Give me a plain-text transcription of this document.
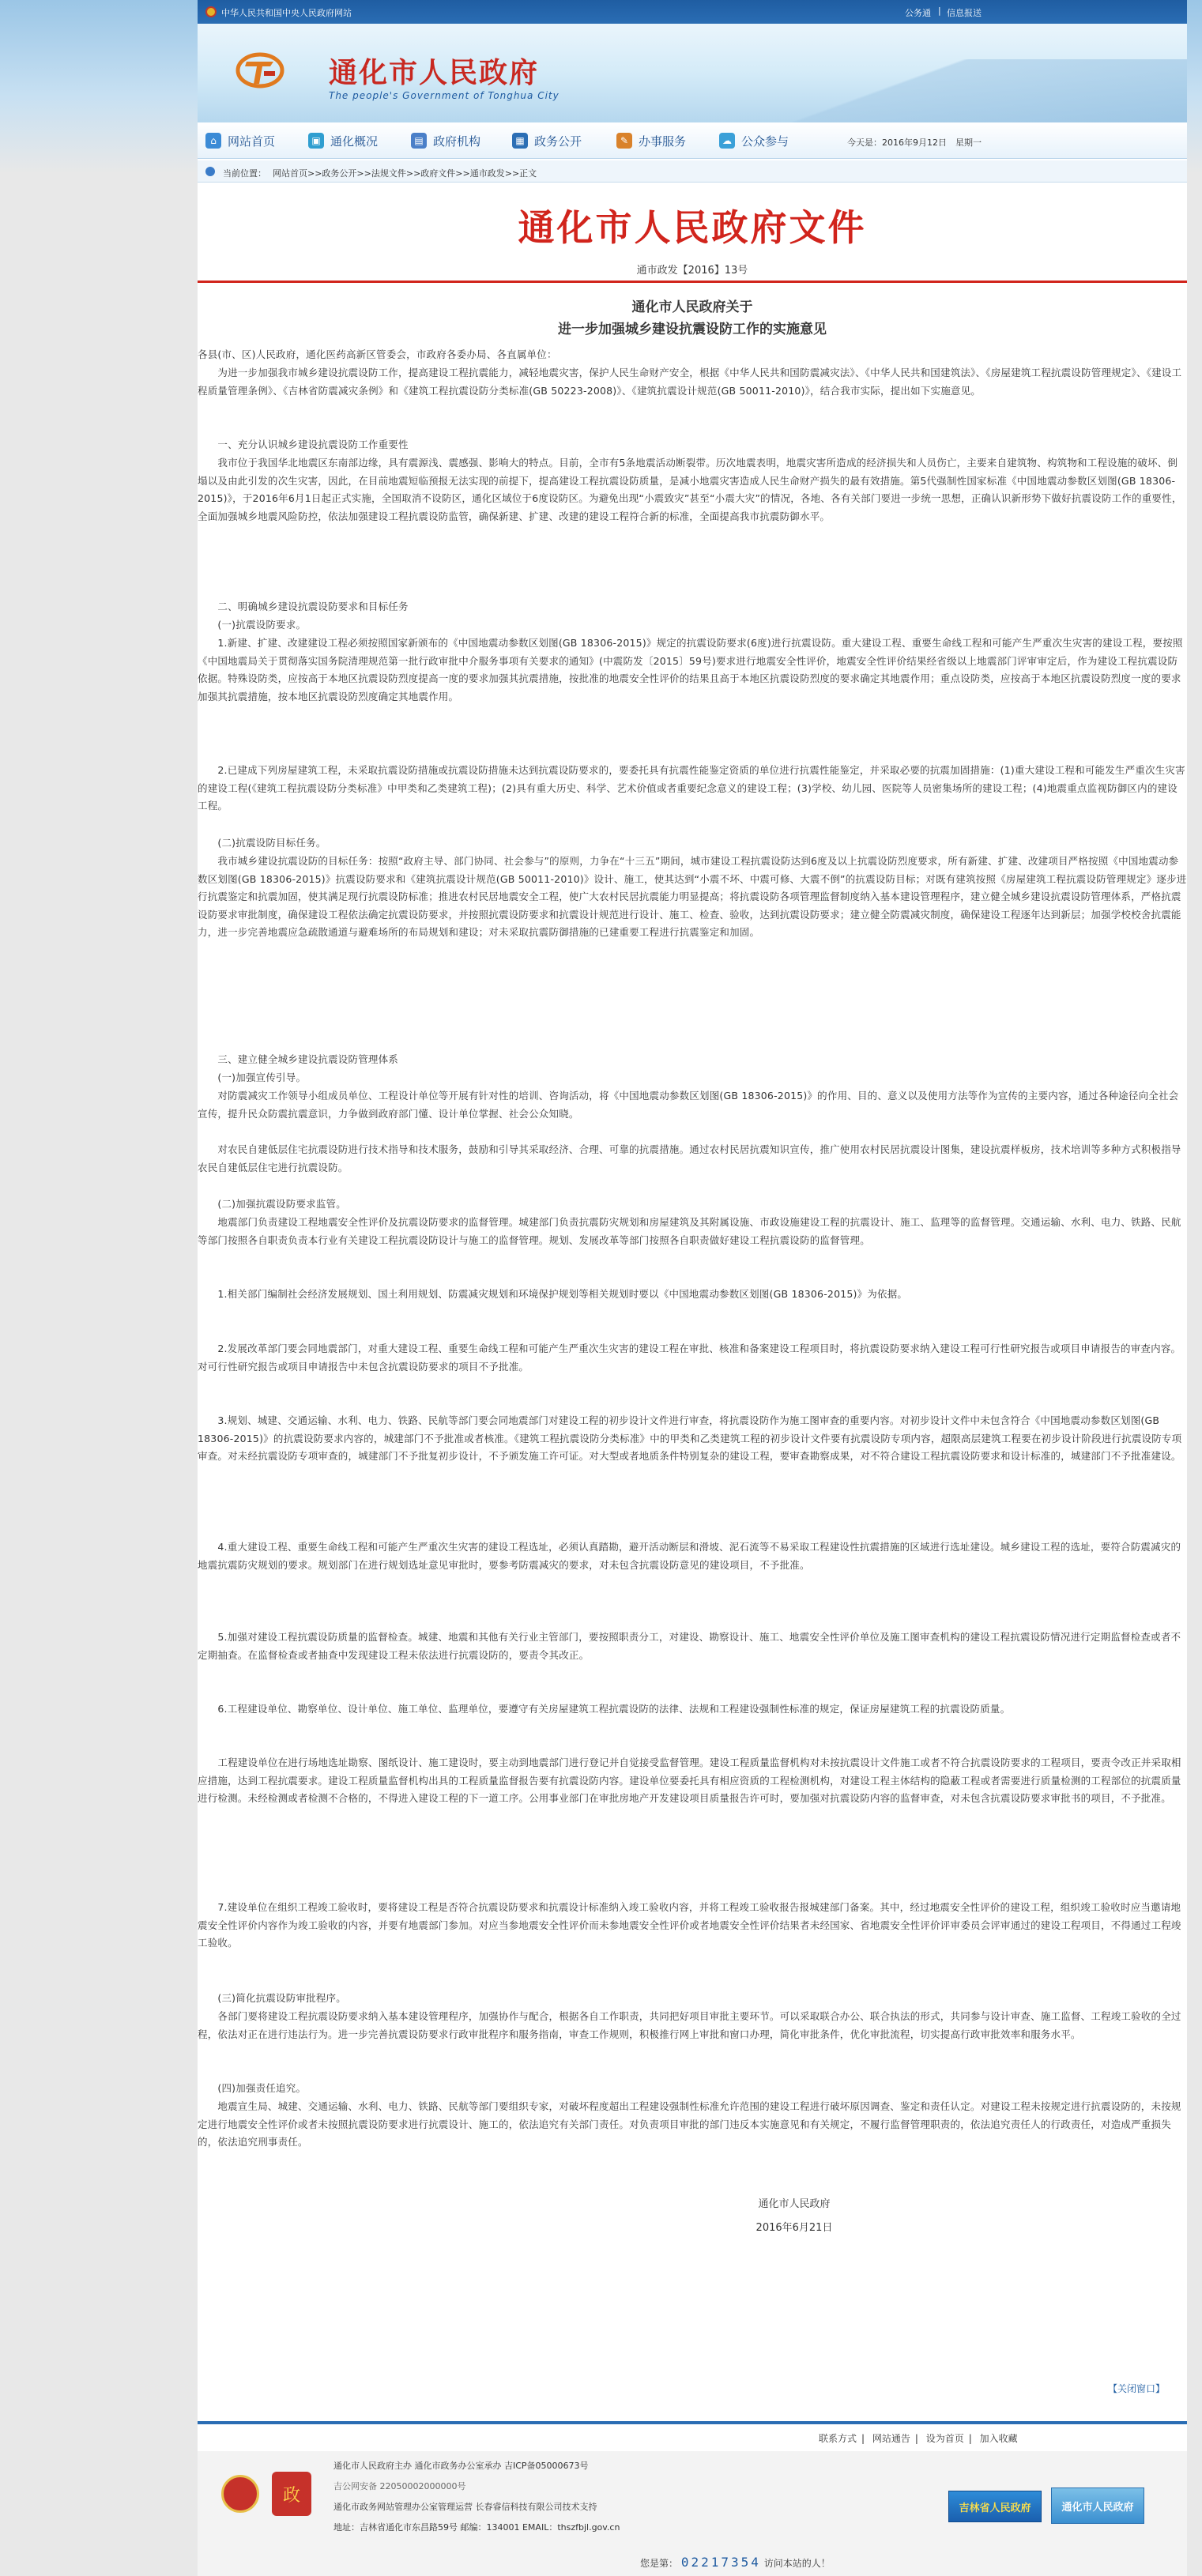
中华人民共和国中央人民政府网站	公务通 | 信息报送
通化市人民政府
The people's Government of Tonghua City
⌂ 网站首页	▣ 通化概况	▤ 政府机构	▦ 政务公开	✎ 办事服务	☁ 公众参与	今天是：2016年9月12日　星期一
当前位置： 网站首页>>政务公开>>法规文件>>政府文件>>通市政发>>正文
通化市人民政府文件
通市政发【2016】13号
通化市人民政府关于
进一步加强城乡建设抗震设防工作的实施意见
各县(市、区)人民政府，通化医药高新区管委会，市政府各委办局、各直属单位：
　　为进一步加强我市城乡建设抗震设防工作，提高建设工程抗震能力，减轻地震灾害，保护人民生命财产安全，根据《中华人民共和国防震减灾法》、《中华人民共和国建筑法》、《房屋建筑工程抗震设防管理规定》、《建设工程质量管理条例》、《吉林省防震减灾条例》和《建筑工程抗震设防分类标准(GB 50223-2008)》、《建筑抗震设计规范(GB 50011-2010)》，结合我市实际，提出如下实施意见。
　　一、充分认识城乡建设抗震设防工作重要性
　　我市位于我国华北地震区东南部边缘，具有震源浅、震感强、影响大的特点。目前，全市有5条地震活动断裂带。历次地震表明，地震灾害所造成的经济损失和人员伤亡，主要来自建筑物、构筑物和工程设施的破坏、倒塌以及由此引发的次生灾害，因此，在目前地震短临预报无法实现的前提下，提高建设工程抗震设防质量，是减小地震灾害造成人民生命财产损失的最有效措施。第5代强制性国家标准《中国地震动参数区划图(GB 18306-2015)》，于2016年6月1日起正式实施，全国取消不设防区，通化区域位于6度设防区。为避免出现“小震致灾”甚至“小震大灾”的情况，各地、各有关部门要进一步统一思想，正确认识新形势下做好抗震设防工作的重要性，全面加强城乡地震风险防控，依法加强建设工程抗震设防监管，确保新建、扩建、改建的建设工程符合新的标准，全面提高我市抗震防御水平。
　　二、明确城乡建设抗震设防要求和目标任务
　　(一)抗震设防要求。
　　1.新建、扩建、改建建设工程必须按照国家新颁布的《中国地震动参数区划图(GB 18306-2015)》规定的抗震设防要求(6度)进行抗震设防。重大建设工程、重要生命线工程和可能产生严重次生灾害的建设工程，要按照《中国地震局关于贯彻落实国务院清理规范第一批行政审批中介服务事项有关要求的通知》(中震防发〔2015〕59号)要求进行地震安全性评价，地震安全性评价结果经省级以上地震部门评审审定后，作为建设工程抗震设防依据。特殊设防类，应按高于本地区抗震设防烈度提高一度的要求加强其抗震措施，按批准的地震安全性评价的结果且高于本地区抗震设防烈度的要求确定其地震作用；重点设防类，应按高于本地区抗震设防烈度一度的要求加强其抗震措施，按本地区抗震设防烈度确定其地震作用。
　　2.已建成下列房屋建筑工程，未采取抗震设防措施或抗震设防措施未达到抗震设防要求的，要委托具有抗震性能鉴定资质的单位进行抗震性能鉴定，并采取必要的抗震加固措施：(1)重大建设工程和可能发生严重次生灾害的建设工程(《建筑工程抗震设防分类标准》中甲类和乙类建筑工程)；(2)具有重大历史、科学、艺术价值或者重要纪念意义的建设工程；(3)学校、幼儿园、医院等人员密集场所的建设工程；(4)地震重点监视防御区内的建设工程。
　　(二)抗震设防目标任务。
　　我市城乡建设抗震设防的目标任务：按照“政府主导、部门协同、社会参与”的原则，力争在“十三五”期间，城市建设工程抗震设防达到6度及以上抗震设防烈度要求，所有新建、扩建、改建项目严格按照《中国地震动参数区划图(GB 18306-2015)》抗震设防要求和《建筑抗震设计规范(GB 50011-2010)》设计、施工，使其达到“小震不坏、中震可修、大震不倒”的抗震设防目标；对既有建筑按照《房屋建筑工程抗震设防管理规定》逐步进行抗震鉴定和抗震加固，使其满足现行抗震设防标准；推进农村民居地震安全工程，使广大农村民居抗震能力明显提高；将抗震设防各项管理监督制度纳入基本建设管理程序，建立健全城乡建设抗震设防管理体系，严格抗震设防要求审批制度，确保建设工程依法确定抗震设防要求，并按照抗震设防要求和抗震设计规范进行设计、施工、检查、验收，达到抗震设防要求；建立健全防震减灾制度，确保建设工程逐年达到新层；加强学校校舍抗震能力，进一步完善地震应急疏散通道与避难场所的布局规划和建设；对未采取抗震防御措施的已建重要工程进行抗震鉴定和加固。
　　三、建立健全城乡建设抗震设防管理体系
　　(一)加强宣传引导。
　　对防震减灾工作领导小组成员单位、工程设计单位等开展有针对性的培训、咨询活动，将《中国地震动参数区划图(GB 18306-2015)》的作用、目的、意义以及使用方法等作为宣传的主要内容，通过各种途径向全社会宣传，提升民众防震抗震意识，力争做到政府部门懂、设计单位掌握、社会公众知晓。
　　对农民自建低层住宅抗震设防进行技术指导和技术服务，鼓励和引导其采取经济、合理、可靠的抗震措施。通过农村民居抗震知识宣传，推广使用农村民居抗震设计图集，建设抗震样板房，技术培训等多种方式积极指导农民自建低层住宅进行抗震设防。
　　(二)加强抗震设防要求监管。
　　地震部门负责建设工程地震安全性评价及抗震设防要求的监督管理。城建部门负责抗震防灾规划和房屋建筑及其附属设施、市政设施建设工程的抗震设计、施工、监理等的监督管理。交通运输、水利、电力、铁路、民航等部门按照各自职责负责本行业有关建设工程抗震设防设计与施工的监督管理。规划、发展改革等部门按照各自职责做好建设工程抗震设防的监督管理。
　　1.相关部门编制社会经济发展规划、国土利用规划、防震减灾规划和环境保护规划等相关规划时要以《中国地震动参数区划图(GB 18306-2015)》为依据。
　　2.发展改革部门要会同地震部门，对重大建设工程、重要生命线工程和可能产生严重次生灾害的建设工程在审批、核准和备案建设工程项目时，将抗震设防要求纳入建设工程可行性研究报告或项目申请报告的审查内容。对可行性研究报告或项目申请报告中未包含抗震设防要求的项目不予批准。
　　3.规划、城建、交通运输、水利、电力、铁路、民航等部门要会同地震部门对建设工程的初步设计文件进行审查，将抗震设防作为施工图审查的重要内容。对初步设计文件中未包含符合《中国地震动参数区划图(GB 18306-2015)》的抗震设防要求内容的，城建部门不予批准或者核准。《建筑工程抗震设防分类标准》中的甲类和乙类建筑工程的初步设计文件要有抗震设防专项内容，超限高层建筑工程要在初步设计阶段进行抗震设防专项审查。对未经抗震设防专项审查的，城建部门不予批复初步设计，不予颁发施工许可证。对大型或者地质条件特别复杂的建设工程，要审查勘察成果，对不符合建设工程抗震设防要求和设计标准的，城建部门不予批准建设。
　　4.重大建设工程、重要生命线工程和可能产生严重次生灾害的建设工程选址，必须认真踏勘，避开活动断层和滑坡、泥石流等不易采取工程建设性抗震措施的区域进行选址建设。城乡建设工程的选址，要符合防震减灾的地震抗震防灾规划的要求。规划部门在进行规划选址意见审批时，要参考防震减灾的要求，对未包含抗震设防意见的建设项目，不予批准。
　　5.加强对建设工程抗震设防质量的监督检查。城建、地震和其他有关行业主管部门，要按照职责分工，对建设、勘察设计、施工、地震安全性评价单位及施工图审查机构的建设工程抗震设防情况进行定期监督检查或者不定期抽查。在监督检查或者抽查中发现建设工程未依法进行抗震设防的，要责令其改正。
　　6.工程建设单位、勘察单位、设计单位、施工单位、监理单位，要遵守有关房屋建筑工程抗震设防的法律、法规和工程建设强制性标准的规定，保证房屋建筑工程的抗震设防质量。
　　工程建设单位在进行场地选址勘察、图纸设计、施工建设时，要主动到地震部门进行登记并自觉接受监督管理。建设工程质量监督机构对未按抗震设计文件施工或者不符合抗震设防要求的工程项目，要责令改正并采取相应措施，达到工程抗震要求。建设工程质量监督机构出具的工程质量监督报告要有抗震设防内容。建设单位要委托具有相应资质的工程检测机构，对建设工程主体结构的隐蔽工程或者需要进行质量检测的工程部位的抗震质量进行检测。未经检测或者检测不合格的，不得进入建设工程的下一道工序。公用事业部门在审批房地产开发建设项目质量报告许可时，要加强对抗震设防内容的监督审查，对未包含抗震设防要求审批书的项目，不予批准。
　　7.建设单位在组织工程竣工验收时，要将建设工程是否符合抗震设防要求和抗震设计标准纳入竣工验收内容，并将工程竣工验收报告报城建部门备案。其中，经过地震安全性评价的建设工程，组织竣工验收时应当邀请地震安全性评价内容作为竣工验收的内容，并要有地震部门参加。对应当参地震安全性评价而未参地震安全性评价或者地震安全性评价结果者未经国家、省地震安全性评价评审委员会评审通过的建设工程项目，不得通过工程竣工验收。
　　(三)简化抗震设防审批程序。
　　各部门要将建设工程抗震设防要求纳入基本建设管理程序，加强协作与配合，根据各自工作职责，共同把好项目审批主要环节。可以采取联合办公、联合执法的形式，共同参与设计审查、施工监督、工程竣工验收的全过程，依法对正在进行违法行为。进一步完善抗震设防要求行政审批程序和服务指南，审查工作规则，积极推行网上审批和窗口办理，简化审批条件，优化审批流程，切实提高行政审批效率和服务水平。
　　(四)加强责任追究。
　　地震宣生局、城建、交通运输、水利、电力、铁路、民航等部门要组织专家，对破坏程度超出工程建设强制性标准允许范围的建设工程进行破坏原因调查、鉴定和责任认定。对建设工程未按规定进行抗震设防的，未按规定进行地震安全性评价或者未按照抗震设防要求进行抗震设计、施工的，依法追究有关部门责任。对负责项目审批的部门违反本实施意见和有关规定，不履行监督管理职责的，依法追究责任人的行政责任，对造成严重损失的，依法追究刑事责任。
通化市人民政府
2016年6月21日
【关闭窗口】
联系方式 | 网站通告 | 设为首页 | 加入收藏
政
通化市人民政府主办 通化市政务办公室承办 吉ICP备05000673号
吉公网安备 22050002000000号
通化市政务网站管理办公室管理运营 长春睿信科技有限公司技术支持
地址：吉林省通化市东昌路59号 邮编：134001 EMAIL：thszfbjl.gov.cn
吉林省人民政府	通化市人民政府
您是第： 02217354 访问本站的人！
